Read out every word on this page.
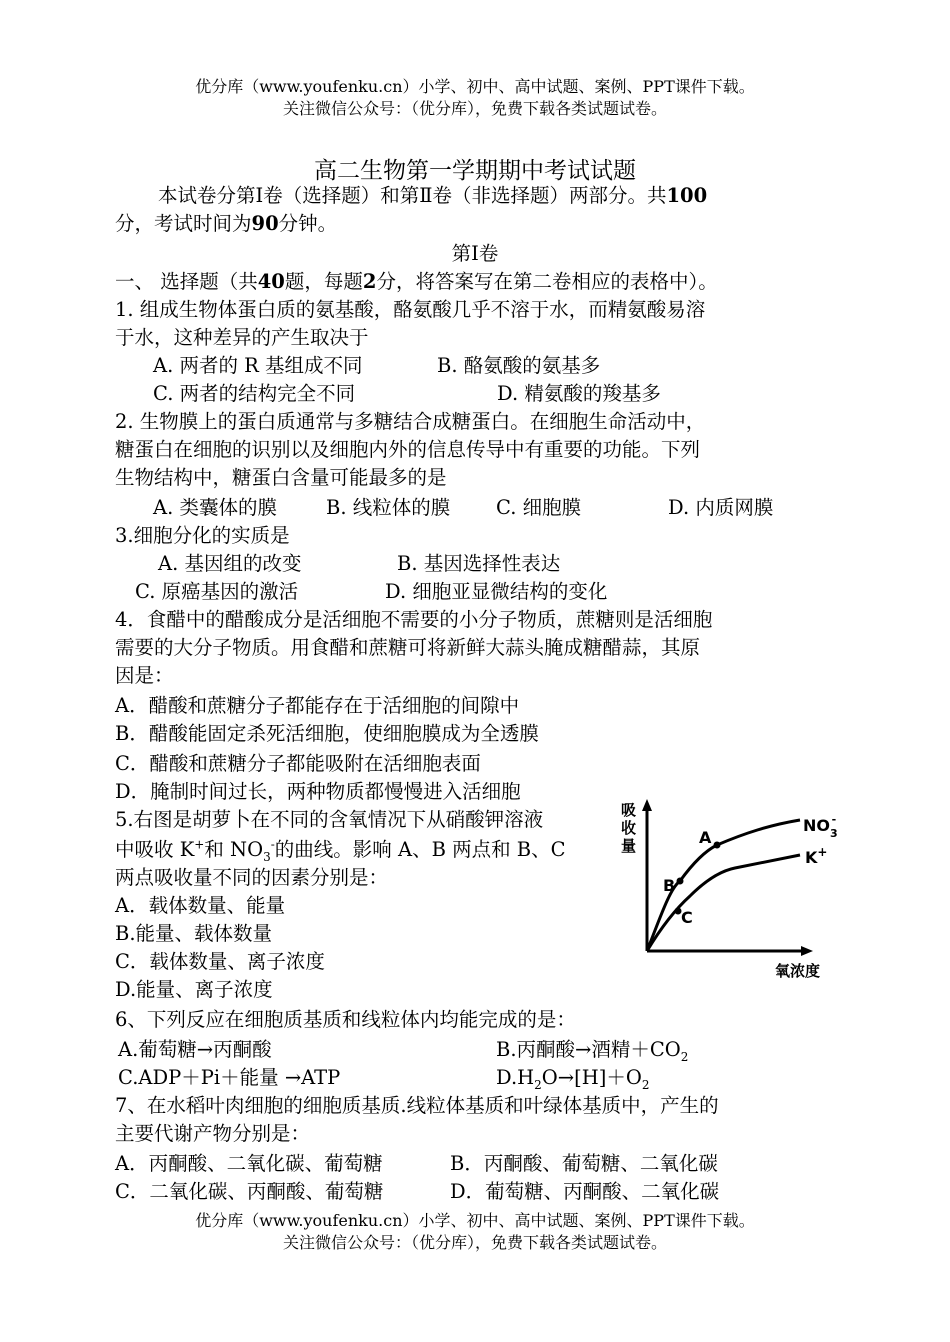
优分库（www.youfenku.cn）小学、初中、高中试题、案例、PPT课件下载。
关注微信公众号：（优分库），免费下载各类试题试卷。
高二生物第一学期期中考试试题
本试卷分第Ⅰ卷（选择题）和第Ⅱ卷（非选择题）两部分。共100
分，考试时间为90分钟。
第Ⅰ卷
一、 选择题（共40题，每题2分，将答案写在第二卷相应的表格中）。
1. 组成生物体蛋白质的氨基酸，酪氨酸几乎不溶于水，而精氨酸易溶
于水，这种差异的产生取决于
A. 两者的 R 基组成不同	B. 酪氨酸的氨基多
C. 两者的结构完全不同	D. 精氨酸的羧基多
2. 生物膜上的蛋白质通常与多糖结合成糖蛋白。在细胞生命活动中，
糖蛋白在细胞的识别以及细胞内外的信息传导中有重要的功能。下列
生物结构中，糖蛋白含量可能最多的是
A. 类囊体的膜	B. 线粒体的膜 C. 细胞膜	D. 内质网膜
3.细胞分化的实质是
A. 基因组的改变	B. 基因选择性表达
C. 原癌基因的激活	D. 细胞亚显微结构的变化
4．食醋中的醋酸成分是活细胞不需要的小分子物质，蔗糖则是活细胞
需要的大分子物质。用食醋和蔗糖可将新鲜大蒜头腌成糖醋蒜，其原
因是：
A．醋酸和蔗糖分子都能存在于活细胞的间隙中
B．醋酸能固定杀死活细胞，使细胞膜成为全透膜
C．醋酸和蔗糖分子都能吸附在活细胞表面
D．腌制时间过长，两种物质都慢慢进入活细胞
5.右图是胡萝卜在不同的含氧情况下从硝酸钾溶液
中吸收 K+和 $NO_3^-$的曲线。影响 A、B 两点和 B、C
两点吸收量不同的因素分别是：
A．载体数量、能量
B.能量、载体数量
C．载体数量、离子浓度
D.能量、离子浓度
吸
收
量
氧浓度
A
B
C
$NO_3-$
K+
6、下列反应在细胞质基质和线粒体内均能完成的是：
A.葡萄糖→丙酮酸	B.丙酮酸→酒精$+CO_2$
C.ADP＋Pi＋能量 →ATP	$D.H_2O\to[H]+O_2$
7、在水稻叶肉细胞的细胞质基质.线粒体基质和叶绿体基质中，产生的
主要代谢产物分别是：
A．丙酮酸、二氧化碳、葡萄糖	B．丙酮酸、葡萄糖、二氧化碳
C．二氧化碳、丙酮酸、葡萄糖	D．葡萄糖、丙酮酸、二氧化碳
优分库（www.youfenku.cn）小学、初中、高中试题、案例、PPT课件下载。
关注微信公众号：（优分库），免费下载各类试题试卷。
